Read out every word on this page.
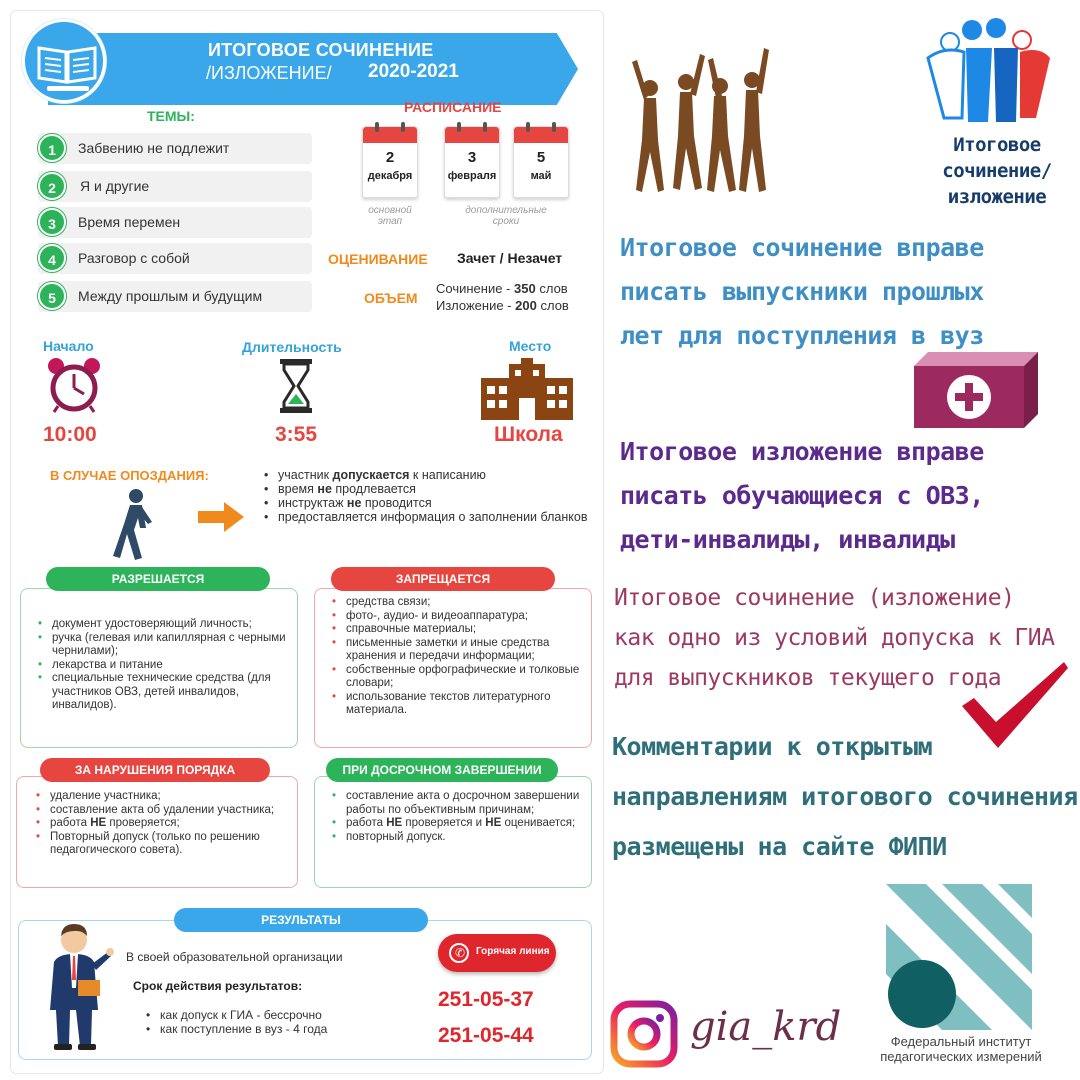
ИТОГОВОЕ СОЧИНЕНИЕ
/ИЗЛОЖЕНИЕ/ 2020-2021
ТЕМЫ:
1	Забвению не подлежит
2	Я и другие
3	Время перемен
4	Разговор с собой
5	Между прошлым и будущим
РАСПИСАНИЕ
2
декабря
3
февраля
5
май
основной этап
дополнительные сроки
ОЦЕНИВАНИЕ Зачет / Незачет
ОБЪЕМ
Сочинение - 350 слов
Изложение - 200 слов
Начало
10:00
Длительность
3:55
Место
Школа
В СЛУЧАЕ ОПОЗДАНИЯ:
•	участник допускается к написанию
• время не продлевается
• инструктаж не проводится
• предоставляется информация о заполнении бланков
РАЗРЕШАЕТСЯ
• документ удостоверяющий личность;
• ручка (гелевая или капиллярная с черными чернилами);
• лекарства и питание
• специальные технические средства (для участников ОВЗ, детей инвалидов, инвалидов).
ЗАПРЕЩАЕТСЯ
• средства связи;
• фото-, аудио- и видеоаппаратура;
• справочные материалы;
• письменные заметки и иные средства хранения и передачи информации;
• собственные орфографические и толковые словари;
• использование текстов литературного материала.
ЗА НАРУШЕНИЯ ПОРЯДКА
• удаление участника;
• составление акта об удалении участника;
• работа НЕ проверяется;
• Повторный допуск (только по решению педагогического совета).
ПРИ ДОСРОЧНОМ ЗАВЕРШЕНИИ
• составление акта о досрочном завершении работы по объективным причинам;
• работа НЕ проверяется и НЕ оценивается;
• повторный допуск.
РЕЗУЛЬТАТЫ
В своей образовательной организации
Срок действия результатов:
• как допуск к ГИА - бессрочно
• как поступление в вуз - 4 года
✆ Горячая линия
251-05-37
251-05-44
Итоговое сочинение/ изложение
Итоговое сочинение вправе
писать выпускники прошлых
лет для поступления в вуз
Итоговое изложение вправе
писать обучающиеся с ОВЗ,
дети-инвалиды, инвалиды
Итоговое сочинение (изложение)
как одно из условий допуска к ГИА
для выпускников текущего года
Комментарии к открытым
направлениям итогового сочинения
размещены на сайте ФИПИ
gia_krd	Федеральный институт
педагогических измерений
